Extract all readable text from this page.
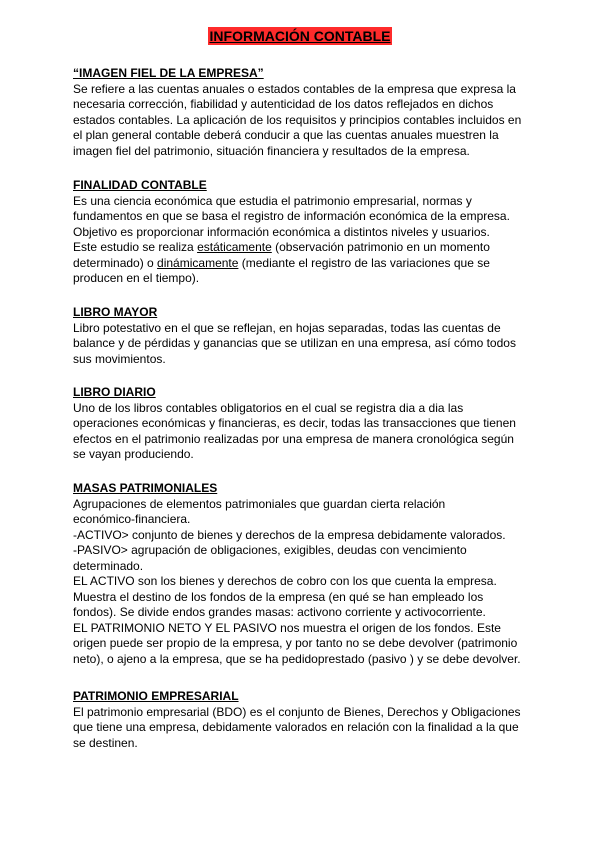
INFORMACIÓN CONTABLE
“IMAGEN FIEL DE LA EMPRESA”

Se refiere a las cuentas anuales o estados contables de la empresa que expresa la
necesaria corrección, fiabilidad y autenticidad de los datos reflejados en dichos
estados contables. La aplicación de los requisitos y principios contables incluidos en
el plan general contable deberá conducir a que las cuentas anuales muestren la
imagen fiel del patrimonio, situación financiera y resultados de la empresa.

FINALIDAD CONTABLE

Es una ciencia económica que estudia el patrimonio empresarial, normas y
fundamentos en que se basa el registro de información económica de la empresa.
Objetivo es proporcionar información económica a distintos niveles y usuarios.
Este estudio se realiza estáticamente (observación patrimonio en un momento
determinado) o dinámicamente (mediante el registro de las variaciones que se
producen en el tiempo).

LIBRO MAYOR

Libro potestativo en el que se reflejan, en hojas separadas, todas las cuentas de
balance y de pérdidas y ganancias que se utilizan en una empresa, así cómo todos
sus movimientos.

LIBRO DIARIO

Uno de los libros contables obligatorios en el cual se registra dia a dia las
operaciones económicas y financieras, es decir, todas las transacciones que tienen
efectos en el patrimonio realizadas por una empresa de manera cronológica según
se vayan produciendo.

MASAS PATRIMONIALES

Agrupaciones de elementos patrimoniales que guardan cierta relación
económico-financiera.
-ACTIVO> conjunto de bienes y derechos de la empresa debidamente valorados.
-PASIVO> agrupación de obligaciones, exigibles, deudas con vencimiento
determinado.
EL ACTIVO son los bienes y derechos de cobro con los que cuenta la empresa.
Muestra el destino de los fondos de la empresa (en qué se han empleado los
fondos). Se divide endos grandes masas: activono corriente y activocorriente.
EL PATRIMONIO NETO Y EL PASIVO nos muestra el origen de los fondos. Este
origen puede ser propio de la empresa, y por tanto no se debe devolver (patrimonio
neto), o ajeno a la empresa, que se ha pedidoprestado (pasivo ) y se debe devolver.

PATRIMONIO EMPRESARIAL

El patrimonio empresarial (BDO) es el conjunto de Bienes, Derechos y Obligaciones
que tiene una empresa, debidamente valorados en relación con la finalidad a la que
se destinen.
